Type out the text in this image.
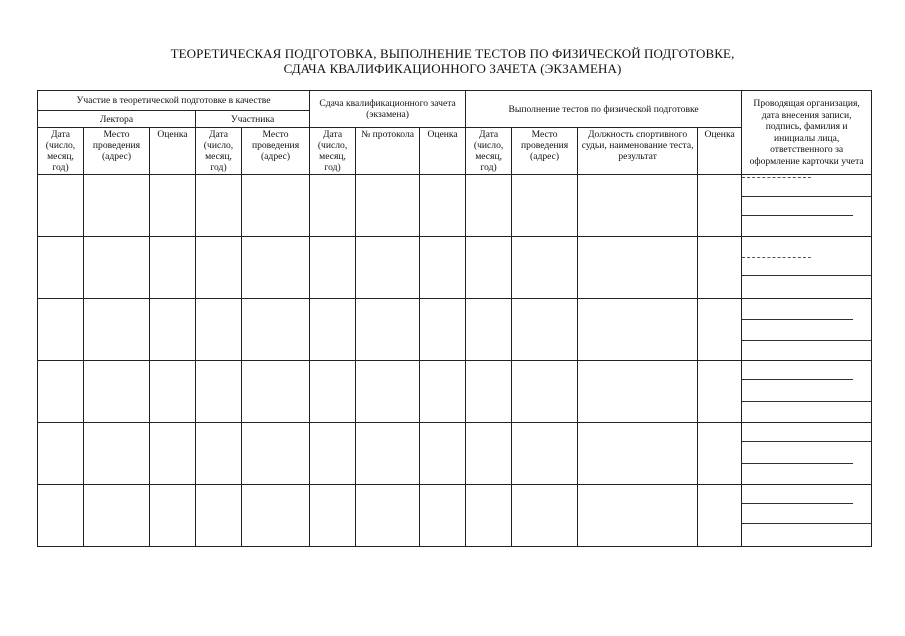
ТЕОРЕТИЧЕСКАЯ ПОДГОТОВКА, ВЫПОЛНЕНИЕ ТЕСТОВ ПО ФИЗИЧЕСКОЙ ПОДГОТОВКЕ,
СДАЧА КВАЛИФИКАЦИОННОГО ЗАЧЕТА (ЭКЗАМЕНА)
Участие в теоретической подготовке в качестве					Сдача квалификационного зачета (экзамена)			Выполнение тестов по физической подготовке				Проводящая организация, дата внесения записи, подпись, фамилия и инициалы лица, ответственного за оформление карточки учета
Лектора			Участника									
Дата (число, месяц, год)	Место проведения (адрес)	Оценка	Дата (число, месяц, год)	Место проведения (адрес)	Дата (число, месяц, год)	№ протокола	Оценка	Дата (число, месяц, год)	Место проведения (адрес)	Должность спортивного судьи, наименование теста, результат	Оценка	
